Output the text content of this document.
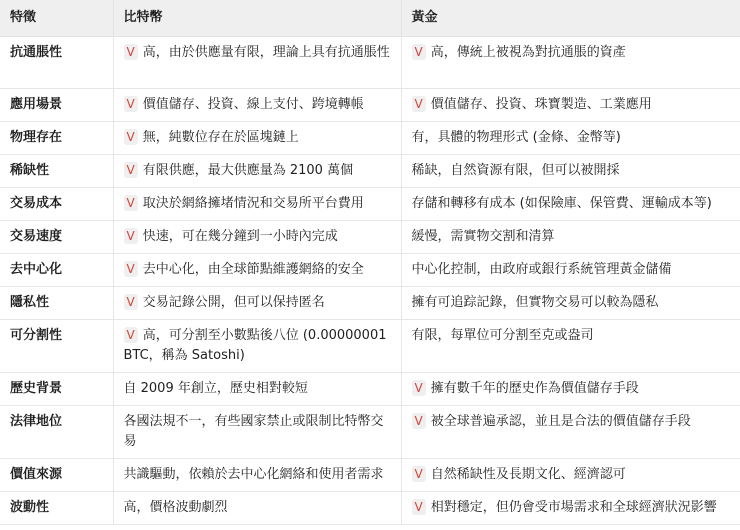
特徵	比特幣	黃金
抗通脹性	V 高，由於供應量有限，理論上具有抗通脹性	V 高，傳統上被視為對抗通脹的資產
應用場景	V 價值儲存、投資、線上支付、跨境轉帳	V 價值儲存、投資、珠寶製造、工業應用
物理存在	V 無，純數位存在於區塊鏈上	有，具體的物理形式 (金條、金幣等)
稀缺性	V 有限供應，最大供應量為 2100 萬個	稀缺，自然資源有限，但可以被開採
交易成本	V 取決於網絡擁堵情況和交易所平台費用	存儲和轉移有成本 (如保險庫、保管費、運輸成本等)
交易速度	V 快速，可在幾分鐘到一小時內完成	緩慢，需實物交割和清算
去中心化	V 去中心化，由全球節點維護網絡的安全	中心化控制，由政府或銀行系統管理黃金儲備
隱私性	V 交易記錄公開，但可以保持匿名	擁有可追踪記錄，但實物交易可以較為隱私
可分割性	V 高，可分割至小數點後八位 (0.00000001 BTC，稱為 Satoshi)	有限，每單位可分割至克或盎司
歷史背景	自 2009 年創立，歷史相對較短	V 擁有數千年的歷史作為價值儲存手段
法律地位	各國法規不一，有些國家禁止或限制比特幣交易	V 被全球普遍承認，並且是合法的價值儲存手段
價值來源	共識驅動，依賴於去中心化網絡和使用者需求	V 自然稀缺性及長期文化、經濟認可
波動性	高，價格波動劇烈	V 相對穩定，但仍會受市場需求和全球經濟狀況影響
